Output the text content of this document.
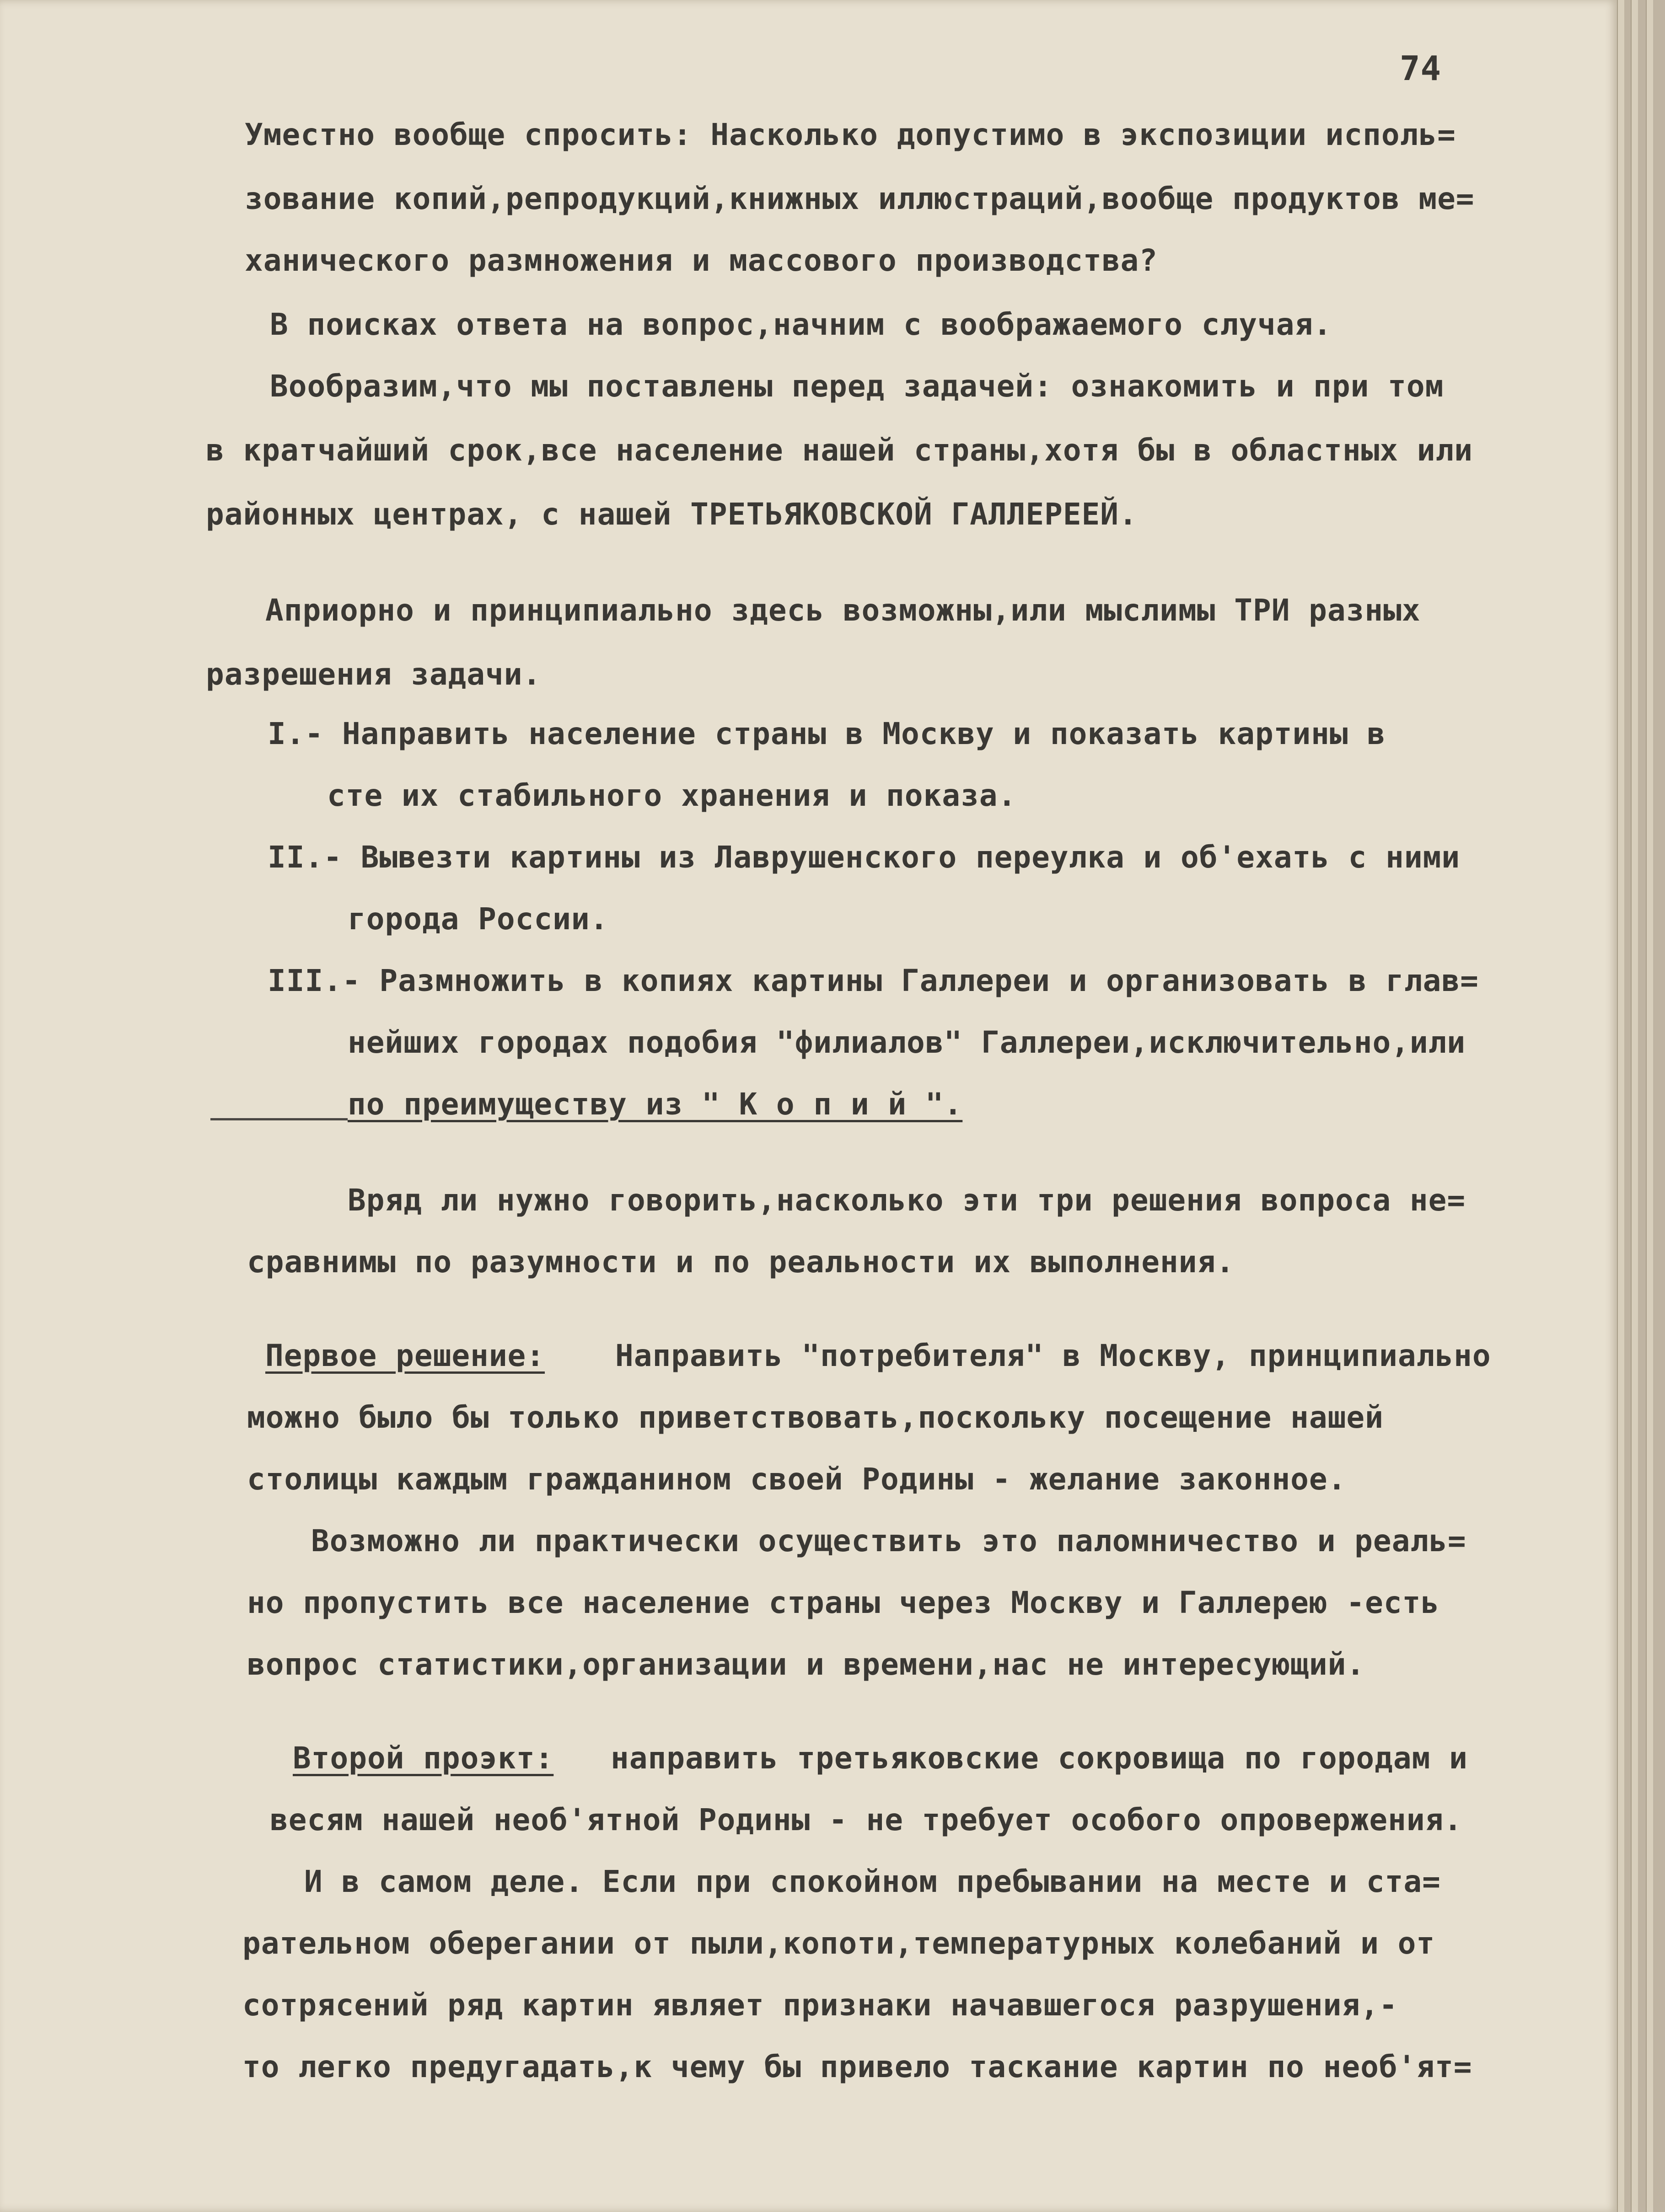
74
Уместно вообще спросить: Насколько допустимо в экспозиции исполь=
зование копий,репродукций,книжных иллюстраций,вообще продуктов ме=
ханического размножения и массового производства?
В поисках ответа на вопрос,начним с воображаемого случая.
Вообразим,что мы поставлены перед задачей: ознакомить и при том
в кратчайший срок,все население нашей страны,хотя бы в областных или
районных центрах, с нашей ТРЕТЬЯКОВСКОЙ ГАЛЛЕРЕЕЙ.
Априорно и принципиально здесь возможны,или мыслимы ТРИ разных
разрешения задачи.
I.- Направить население страны в Москву и показать картины в
сте их стабильного хранения и показа.
II.- Вывезти картины из Лаврушенского переулка и об'ехать с ними
города России.
III.- Размножить в копиях картины Галлереи и организовать в глав=
нейших городах подобия "филиалов" Галлереи,исключительно,или
по преимуществу из " К о п и й ".
Вряд ли нужно говорить,насколько эти три решения вопроса не=
сравнимы по разумности и по реальности их выполнения.
Первое решение: Направить "потребителя" в Москву, принципиально
можно было бы только приветствовать,поскольку посещение нашей
столицы каждым гражданином своей Родины - желание законное.
Возможно ли практически осуществить это паломничество и реаль=
но пропустить все население страны через Москву и Галлерею -есть
вопрос статистики,организации и времени,нас не интересующий.
Второй проэкт: направить третьяковские сокровища по городам и
весям нашей необ'ятной Родины - не требует особого опровержения.
И в самом деле. Если при спокойном пребывании на месте и ста=
рательном оберегании от пыли,копоти,температурных колебаний и от
сотрясений ряд картин являет признаки начавшегося разрушения,-
то легко предугадать,к чему бы привело таскание картин по необ'ят=
